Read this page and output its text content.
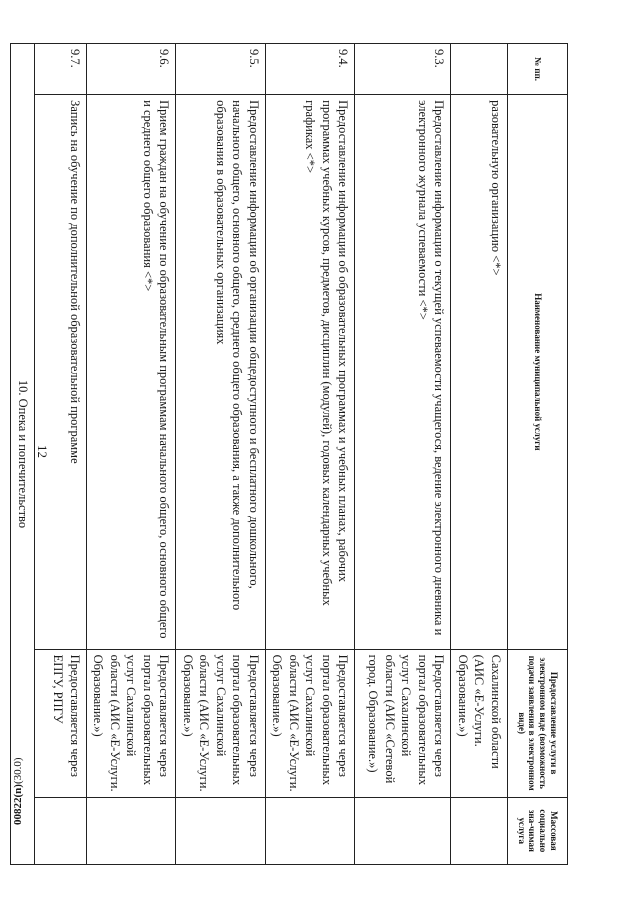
12
00822(n)(30.0)
№ пп.	Наименование муниципальной услуги	Предоставление услуги в электронном виде (возможность подачи заявления в электронном виде)	Массовая социально зна-чимая услуга
	разовательную организацию <*>	Сахалинской области (АИС «Е-Услуги. Образование.»)	
9.3.	Предоставление информации о текущей успеваемости учащегося, ведение электронного дневника и электронного журнала успеваемости <*>	Предоставляется через портал образовательных услуг Сахалинской области (АИС «Сетевой город. Образование.»)	
9.4.	Предоставление информации об образовательных программах и учебных планах, рабочих программах учебных курсов, предметов, дисциплин (модулей), годовых календарных учебных графиках <*>	Предоставляется через портал образовательных услуг Сахалинской области (АИС «Е-Услуги. Образование.»)	
9.5.	Предоставление информации об организации общедоступного и бесплатного дошкольного, начального общего, основного общего, среднего общего образования, а также дополнительного образования в образовательных организациях	Предоставляется через портал образовательных услуг Сахалинской области (АИС «Е-Услуги. Образование.»)	
9.6.	Прием граждан на обучение по образовательным программам начального общего, основного общего и среднего общего образования <*>	Предоставляется через портал образовательных услуг Сахалинской области (АИС «Е-Услуги. Образование.»)	
9.7.	Запись на обучение по дополнительной образовательной программе	Предоставляется через ЕПГУ, РПГУ	
10. Опека и попечительство			
